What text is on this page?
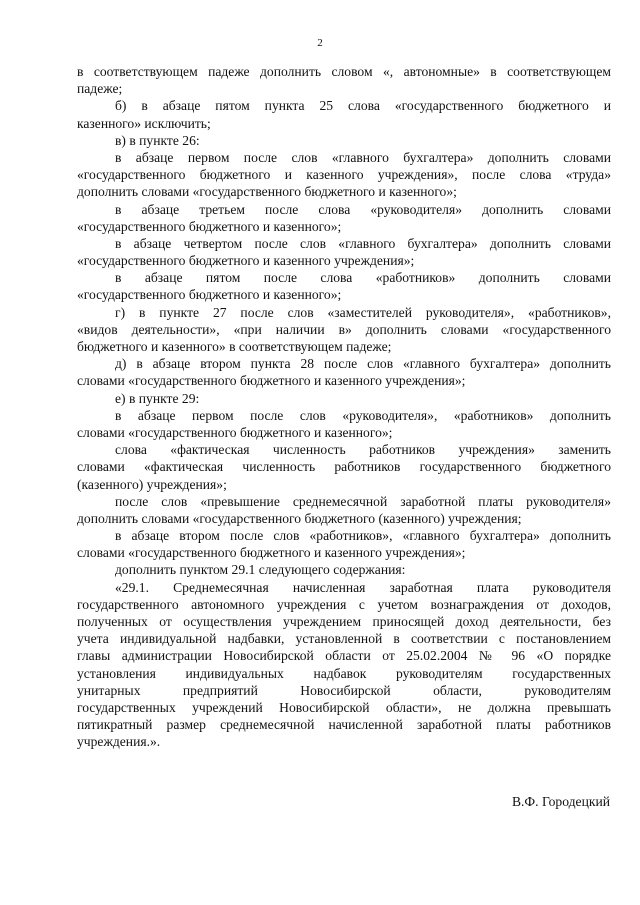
2
в соответствующем падеже дополнить словом «, автономные» в соответствующем
падеже;
б) в абзаце пятом пункта 25 слова «государственного бюджетного и
казенного» исключить;
в) в пункте 26:
в абзаце первом после слов «главного бухгалтера» дополнить словами
«государственного бюджетного и казенного учреждения», после слова «труда»
дополнить словами «государственного бюджетного и казенного»;
в абзаце третьем после слова «руководителя» дополнить словами
«государственного бюджетного и казенного»;
в абзаце четвертом после слов «главного бухгалтера» дополнить словами
«государственного бюджетного и казенного учреждения»;
в абзаце пятом после слова «работников» дополнить словами
«государственного бюджетного и казенного»;
г) в пункте 27 после слов «заместителей руководителя», «работников»,
«видов деятельности», «при наличии в» дополнить словами «государственного
бюджетного и казенного» в соответствующем падеже;
д) в абзаце втором пункта 28 после слов «главного бухгалтера» дополнить
словами «государственного бюджетного и казенного учреждения»;
е) в пункте 29:
в абзаце первом после слов «руководителя», «работников» дополнить
словами «государственного бюджетного и казенного»;
слова «фактическая численность работников учреждения» заменить
словами «фактическая численность работников государственного бюджетного
(казенного) учреждения»;
после слов «превышение среднемесячной заработной платы руководителя»
дополнить словами «государственного бюджетного (казенного) учреждения;
в абзаце втором после слов «работников», «главного бухгалтера» дополнить
словами «государственного бюджетного и казенного учреждения»;
дополнить пунктом 29.1 следующего содержания:
«29.1. Среднемесячная начисленная заработная плата руководителя
государственного автономного учреждения с учетом вознаграждения от доходов,
полученных от осуществления учреждением приносящей доход деятельности, без
учета индивидуальной надбавки, установленной в соответствии с постановлением
главы администрации Новосибирской области от 25.02.2004 № 96 «О порядке
установления индивидуальных надбавок руководителям государственных
унитарных предприятий Новосибирской области, руководителям
государственных учреждений Новосибирской области», не должна превышать
пятикратный размер среднемесячной начисленной заработной платы работников
учреждения.».
В.Ф. Городецкий
